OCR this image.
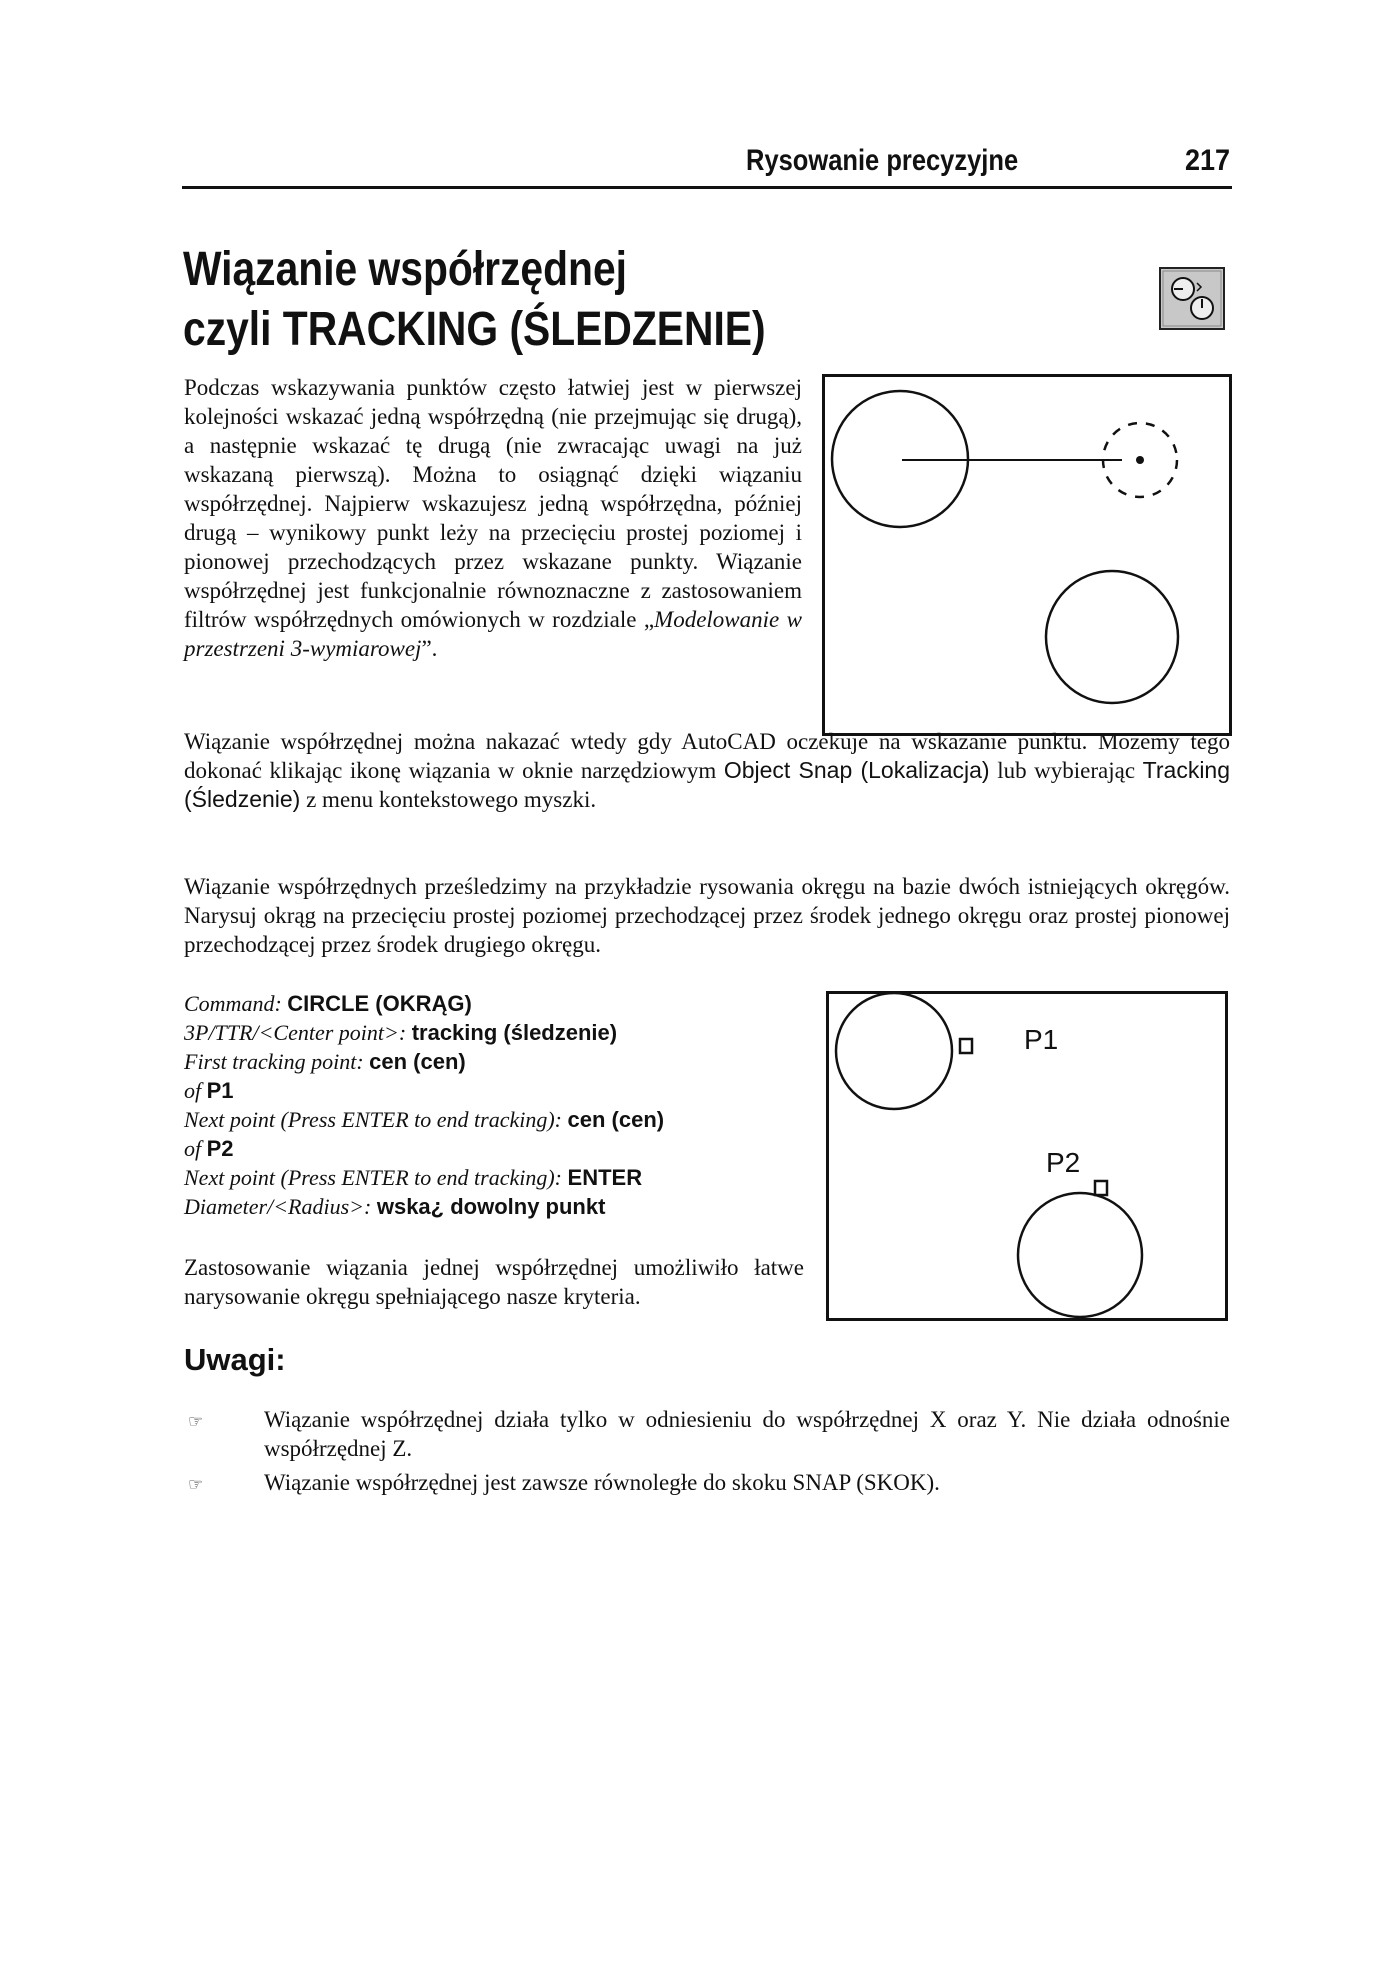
Rysowanie precyzyjne	217
Wiązanie współrzędnej
czyli TRACKING (ŚLEDZENIE)

Podczas wskazywania punktów często łatwiej jest w pierwszej kolejności wskazać jedną współrzędną (nie przejmując się drugą), a następnie wskazać tę drugą (nie zwracając uwagi na już wskazaną pierwszą). Można to osiągnąć dzięki wiązaniu współrzędnej. Najpierw wskazujesz jedną współrzędna, później drugą – wynikowy punkt leży na przecięciu prostej poziomej i pionowej przechodzących przez wskazane punkty. Wiązanie współrzędnej jest funkcjonalnie równoznaczne z zastosowaniem filtrów współrzędnych omówionych w rozdziale „Modelowanie w przestrzeni 3-wymiarowej”.

Wiązanie współrzędnej można nakazać wtedy gdy AutoCAD oczekuje na wskazanie punktu. Możemy tego dokonać klikając ikonę wiązania w oknie narzędziowym Object Snap (Lokalizacja) lub wybierając Tracking (Śledzenie) z menu kontekstowego myszki.

Wiązanie współrzędnych prześledzimy na przykładzie rysowania okręgu na bazie dwóch istniejących okręgów. Narysuj okrąg na przecięciu prostej poziomej przechodzącej przez środek jednego okręgu oraz prostej pionowej przechodzącej przez środek drugiego okręgu.

Command: CIRCLE (OKRĄG)
3P/TTR/<Center point>: tracking (śledzenie)
First tracking point: cen (cen)
of P1
Next point (Press ENTER to end tracking): cen (cen)
of P2
Next point (Press ENTER to end tracking): ENTER
Diameter/<Radius>: wska¿ dowolny punkt
P1
P2

Zastosowanie wiązania jednej współrzędnej umożliwiło łatwe narysowanie okręgu spełniającego nasze kryteria.

Uwagi:
☞	Wiązanie współrzędnej działa tylko w odniesieniu do współrzędnej X oraz Y. Nie działa odnośnie współrzędnej Z.
☞	Wiązanie współrzędnej jest zawsze równoległe do skoku SNAP (SKOK).
